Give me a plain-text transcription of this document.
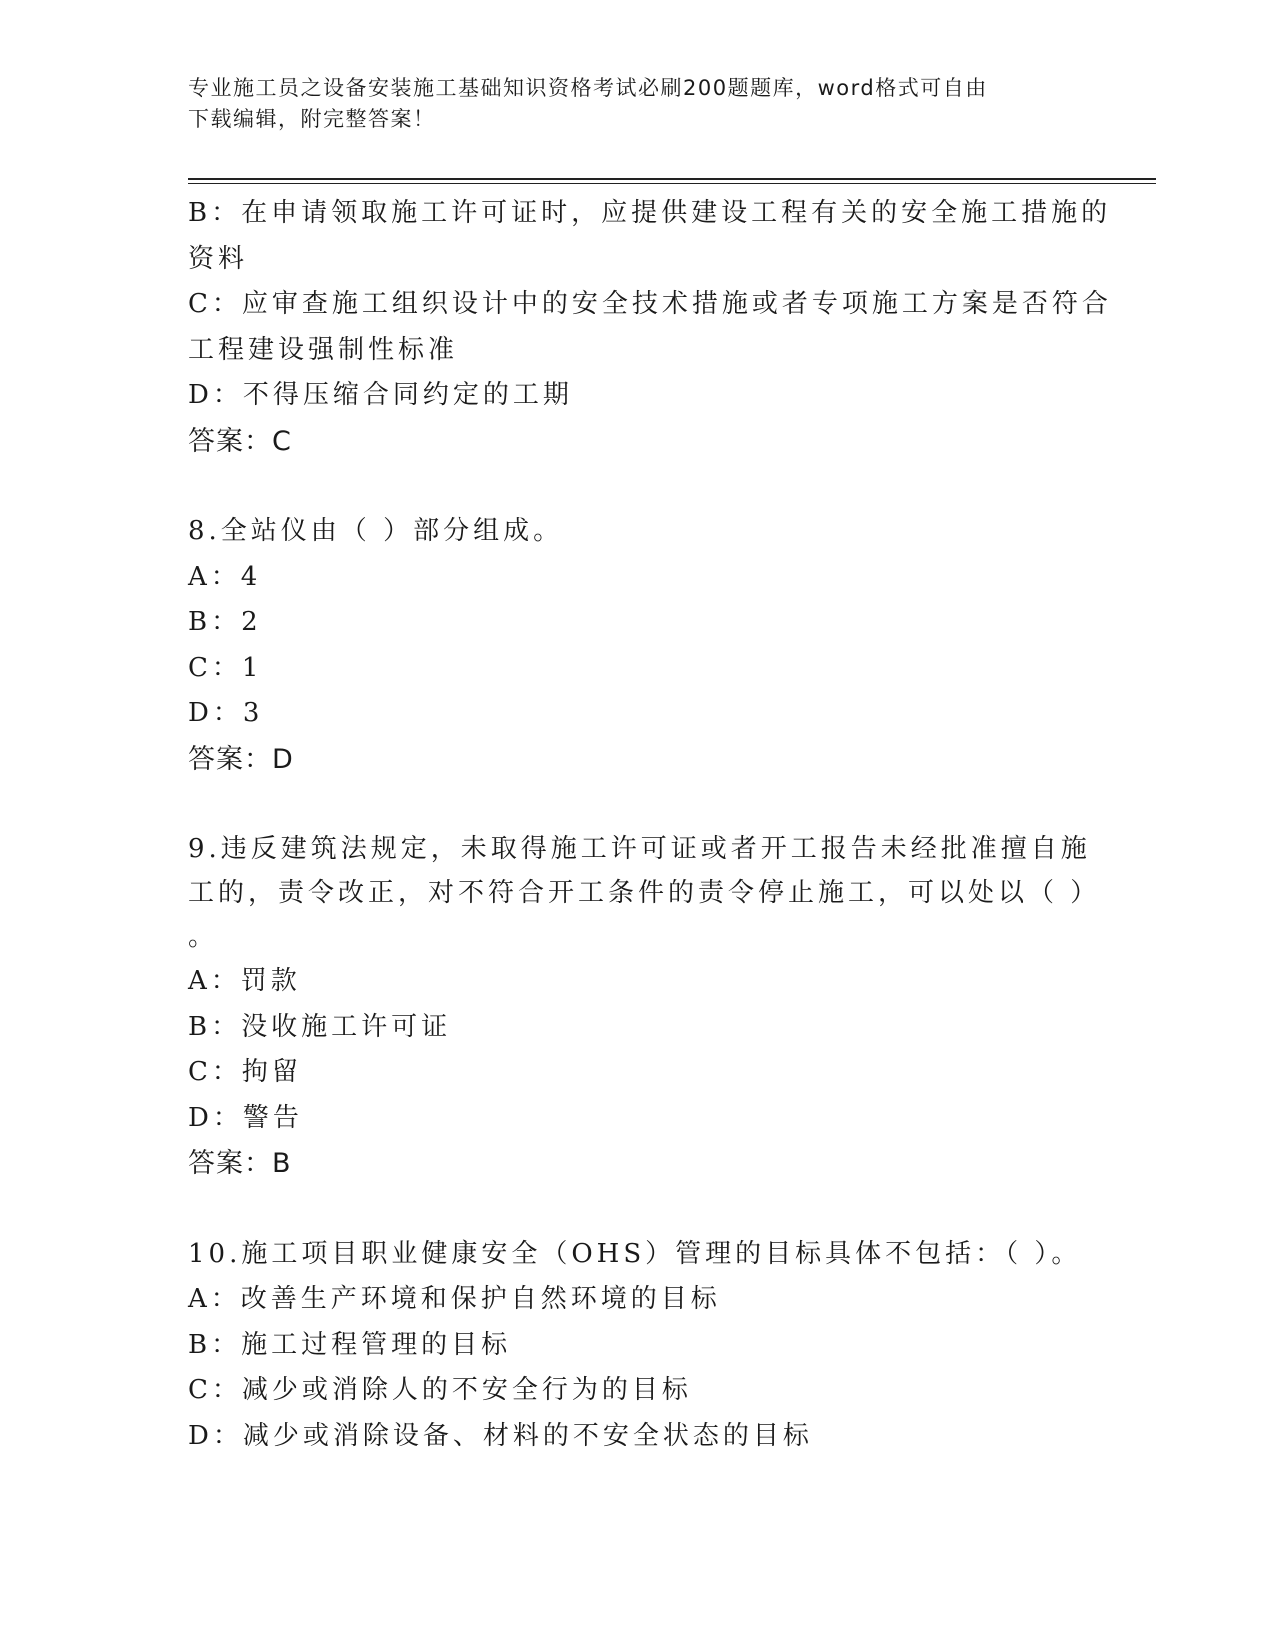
专业施工员之设备安装施工基础知识资格考试必刷200题题库，word格式可自由
下载编辑，附完整答案！
B：在申请领取施工许可证时，应提供建设工程有关的安全施工措施的
资料
C：应审查施工组织设计中的安全技术措施或者专项施工方案是否符合
工程建设强制性标准
D：不得压缩合同约定的工期
答案：C
8.全站仪由（ ）部分组成。
A：4
B：2
C：1
D：3
答案：D
9.违反建筑法规定，未取得施工许可证或者开工报告未经批准擅自施
工的，责令改正，对不符合开工条件的责令停止施工，可以处以（ ）
。
A：罚款
B：没收施工许可证
C：拘留
D：警告
答案：B
10.施工项目职业健康安全（OHS）管理的目标具体不包括：（ ）。
A：改善生产环境和保护自然环境的目标
B：施工过程管理的目标
C：减少或消除人的不安全行为的目标
D：减少或消除设备、材料的不安全状态的目标
